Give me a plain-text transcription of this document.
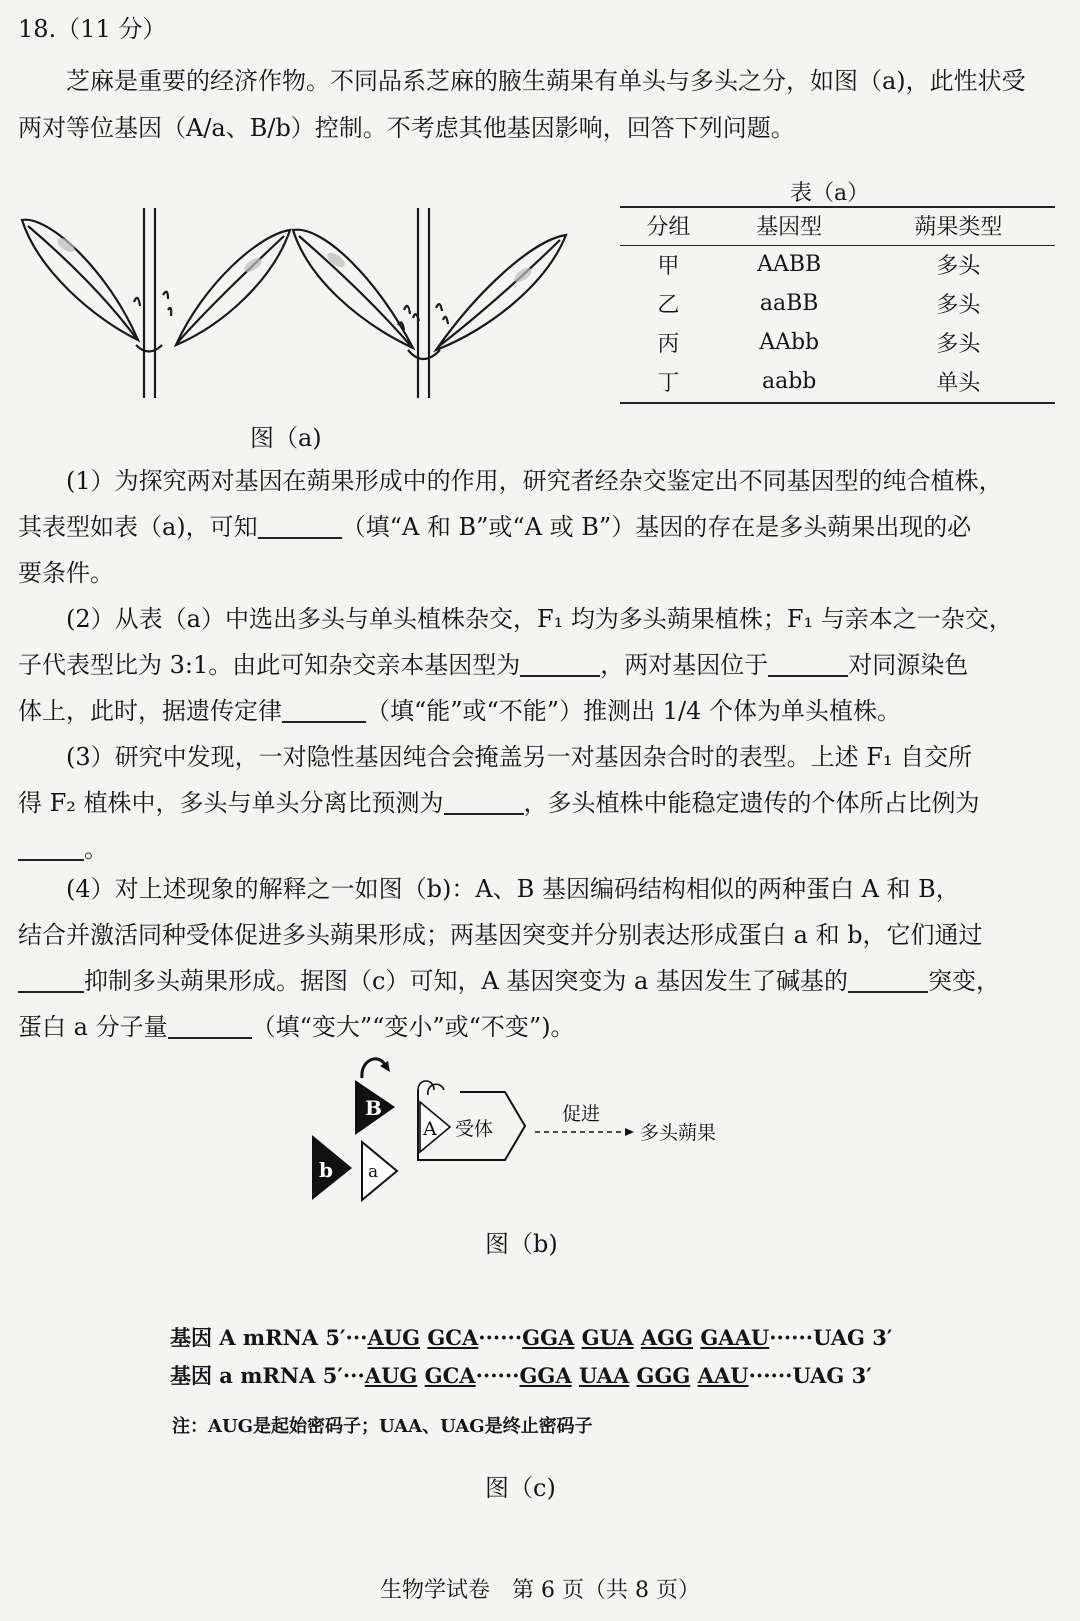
18.（11 分）
芝麻是重要的经济作物。不同品系芝麻的腋生蒴果有单头与多头之分，如图（a)，此性状受
两对等位基因（A/a、B/b）控制。不考虑其他基因影响，回答下列问题。
图（a)
表（a）
分组	基因型	蒴果类型
甲	AABB	多头
乙	aaBB	多头
丙	AAbb	多头
丁	aabb	单头
(1）为探究两对基因在蒴果形成中的作用，研究者经杂交鉴定出不同基因型的纯合植株，
其表型如表（a)，可知	（填“A 和 B”或“A 或 B”）基因的存在是多头蒴果出现的必
要条件。
(2）从表（a）中选出多头与单头植株杂交，F₁ 均为多头蒴果植株；F₁ 与亲本之一杂交，
子代表型比为 3:1。由此可知杂交亲本基因型为	，两对基因位于	对同源染色
体上，此时，据遗传定律	（填“能”或“不能”）推测出 1/4 个体为单头植株。
(3）研究中发现，一对隐性基因纯合会掩盖另一对基因杂合时的表型。上述 F₁ 自交所
得 F₂ 植株中，多头与单头分离比预测为	，多头植株中能稳定遗传的个体所占比例为
。
(4）对上述现象的解释之一如图（b)：A、B 基因编码结构相似的两种蛋白 A 和 B，
结合并激活同种受体促进多头蒴果形成；两基因突变并分别表达形成蛋白 a 和 b，它们通过
抑制多头蒴果形成。据图（c）可知，A 基因突变为 a 基因发生了碱基的	突变，
蛋白 a 分子量	（填“变大”“变小”或“不变”)。
B
b a
A 受体
促进
多头蒴果
图（b)
基因 A mRNA 5′···AUG GCA······GGA GUA AGG GAAU······UAG 3′
基因 a mRNA 5′···AUG GCA······GGA UAA GGG AAU······UAG 3′
注：AUG是起始密码子；UAA、UAG是终止密码子
图（c)
生物学试卷　第 6 页（共 8 页）
